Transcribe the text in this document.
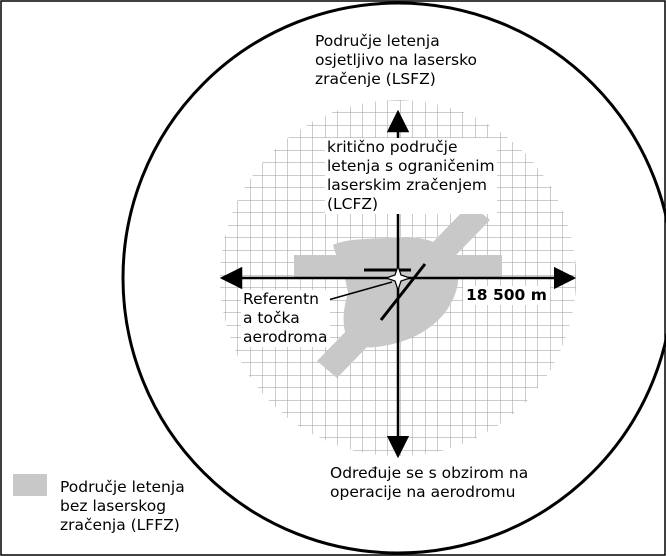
Područje letenja
osjetljivo na lasersko
zračenje (LSFZ)
kritično područje
letenja s ograničenim
laserskim zračenjem
(LCFZ)
Referentn
a točka
aerodroma
18 500 m
Određuje se s obzirom na
operacije na aerodromu
Područje letenja
bez laserskog
zračenja (LFFZ)
